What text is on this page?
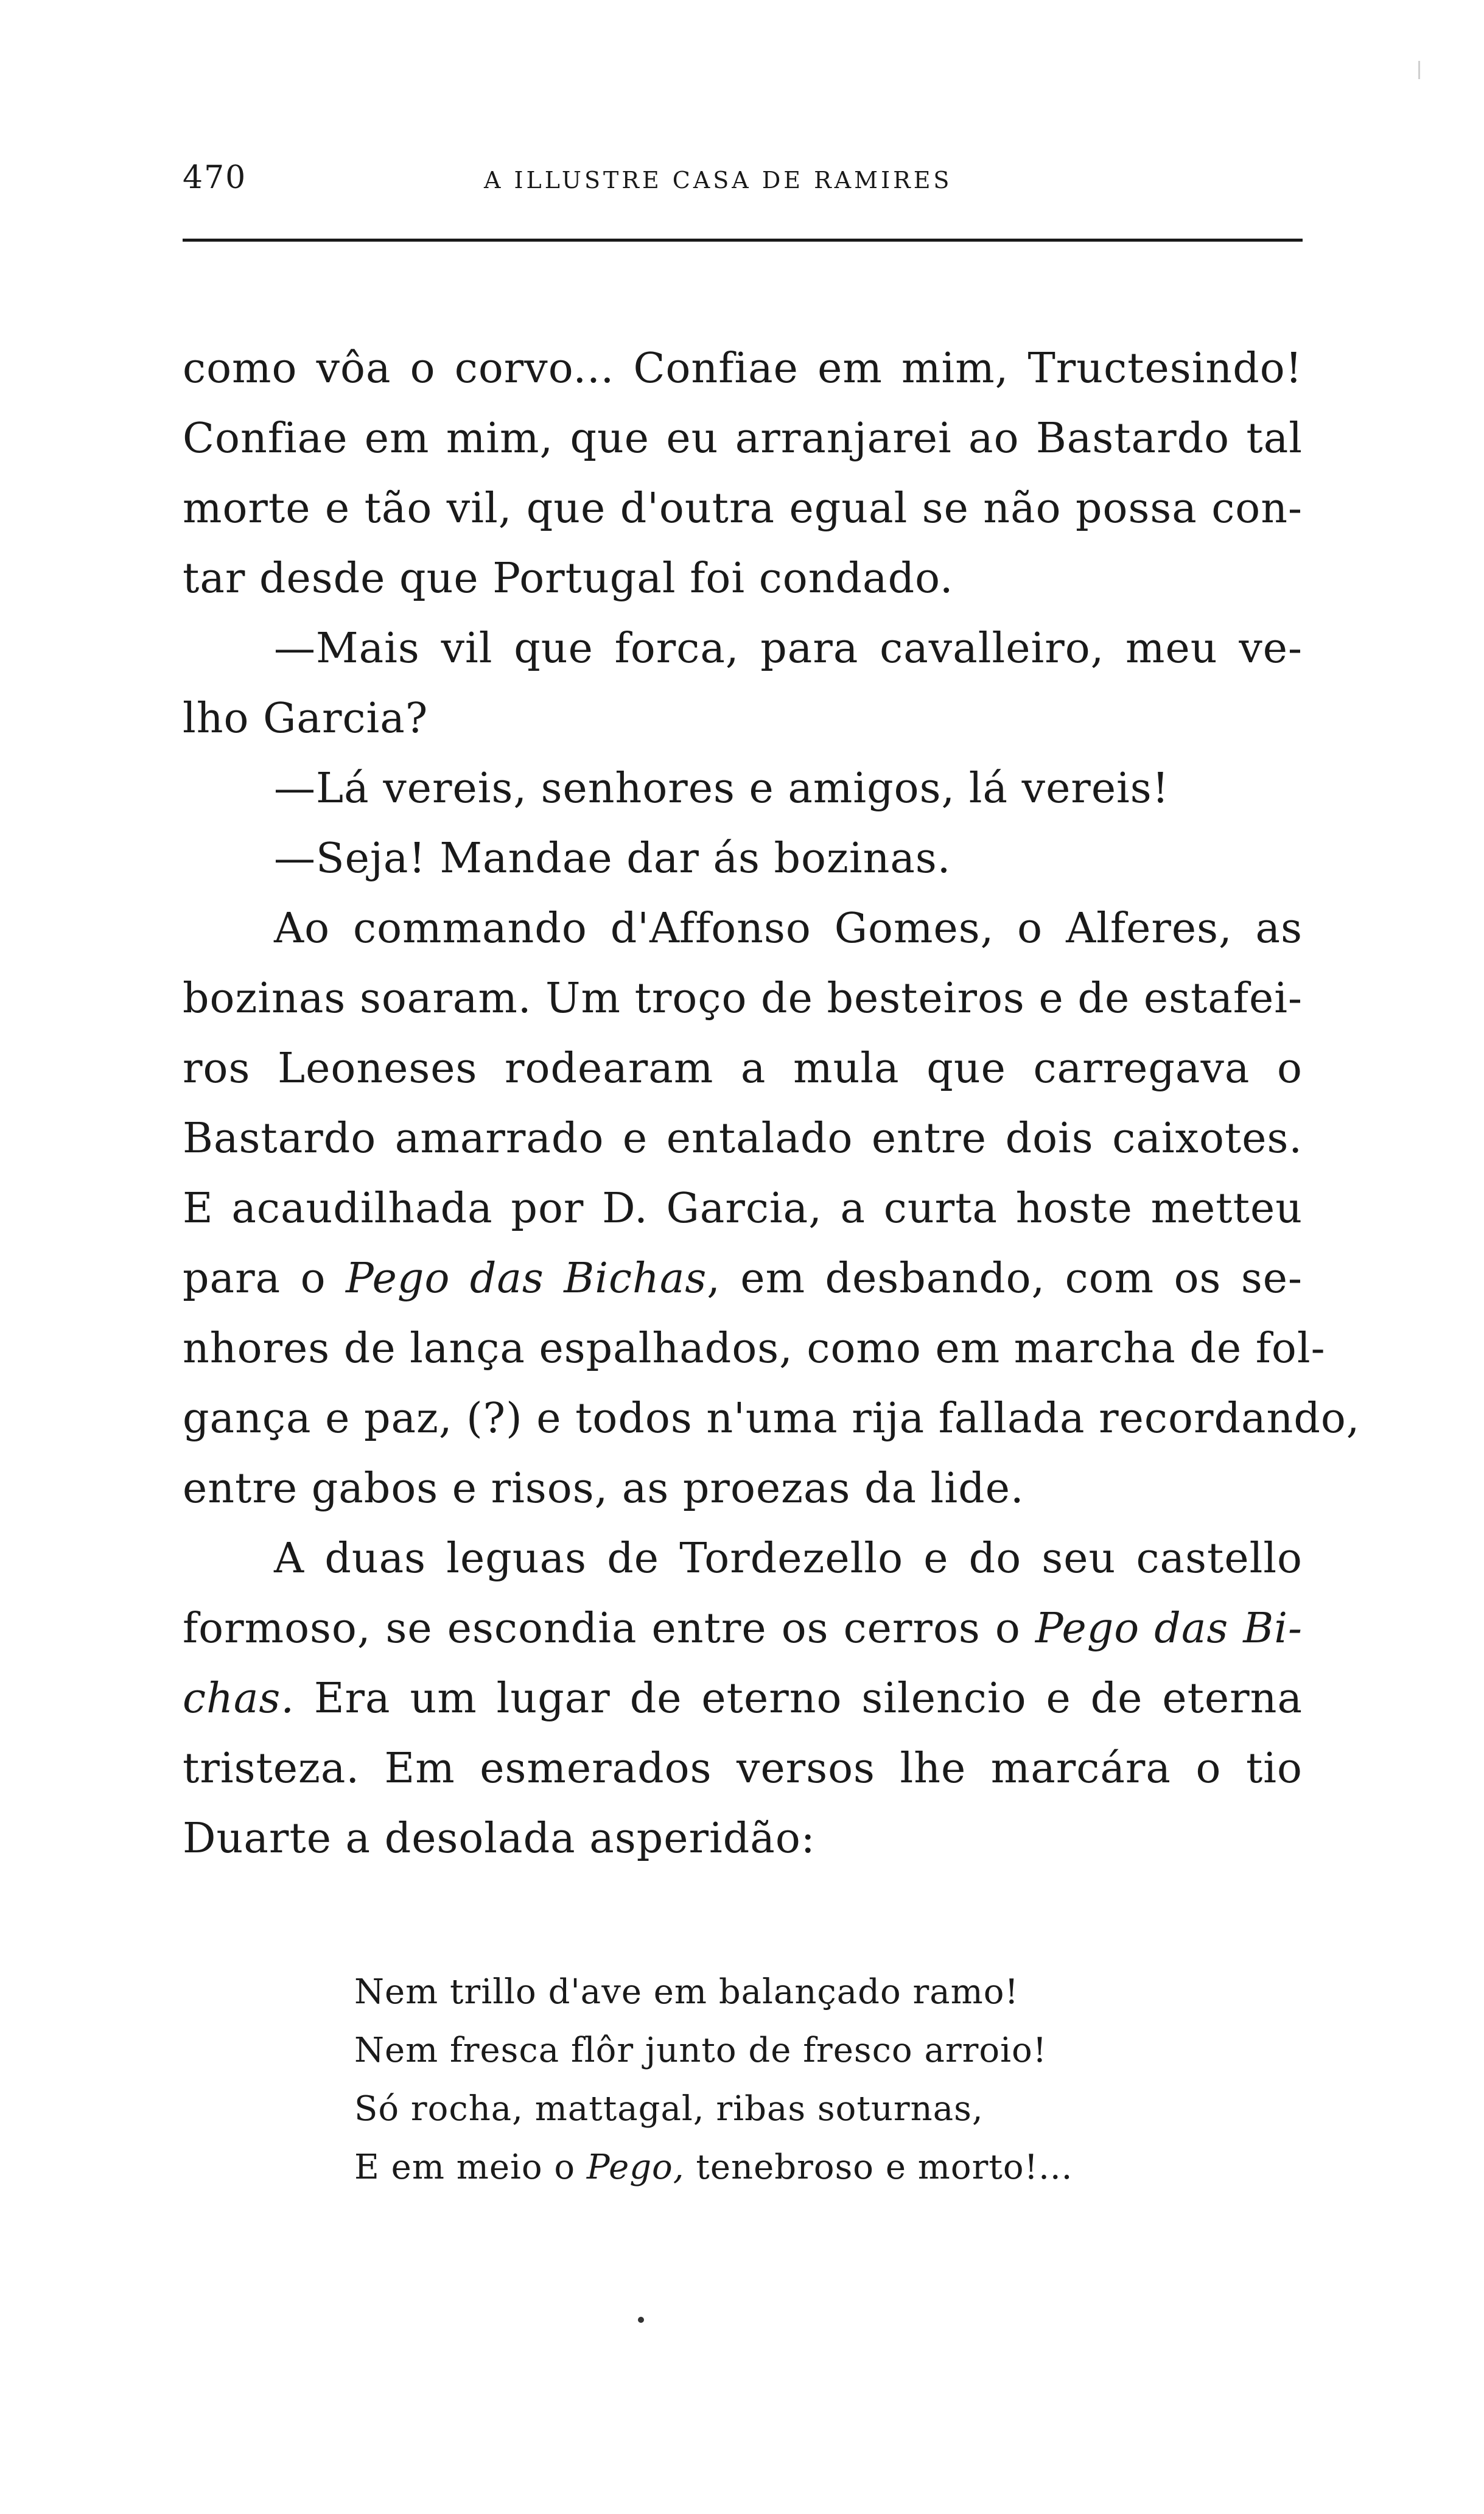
470	A ILLUSTRE CASA DE RAMIRES
como vôa o corvo... Confiae em mim, Tructesindo!
Confiae em mim, que eu arranjarei ao Bastardo tal
morte e tão vil, que d'outra egual se não possa con-
tar desde que Portugal foi condado.
—Mais vil que forca, para cavalleiro, meu ve-
lho Garcia?
—Lá vereis, senhores e amigos, lá vereis!
—Seja! Mandae dar ás bozinas.
Ao commando d'Affonso Gomes, o Alferes, as
bozinas soaram. Um troço de besteiros e de estafei-
ros Leoneses rodearam a mula que carregava o
Bastardo amarrado e entalado entre dois caixotes.
E acaudilhada por D. Garcia, a curta hoste metteu
para o Pego das Bichas, em desbando, com os se-
nhores de lança espalhados, como em marcha de fol-
gança e paz, (?) e todos n'uma rija fallada recordando,
entre gabos e risos, as proezas da lide.
A duas leguas de Tordezello e do seu castello
formoso, se escondia entre os cerros o Pego das Bi-
chas. Era um lugar de eterno silencio e de eterna
tristeza. Em esmerados versos lhe marcára o tio
Duarte a desolada asperidão:
Nem trillo d'ave em balançado ramo!
Nem fresca flôr junto de fresco arroio!
Só rocha, mattagal, ribas soturnas,
E em meio o Pego, tenebroso e morto!...
